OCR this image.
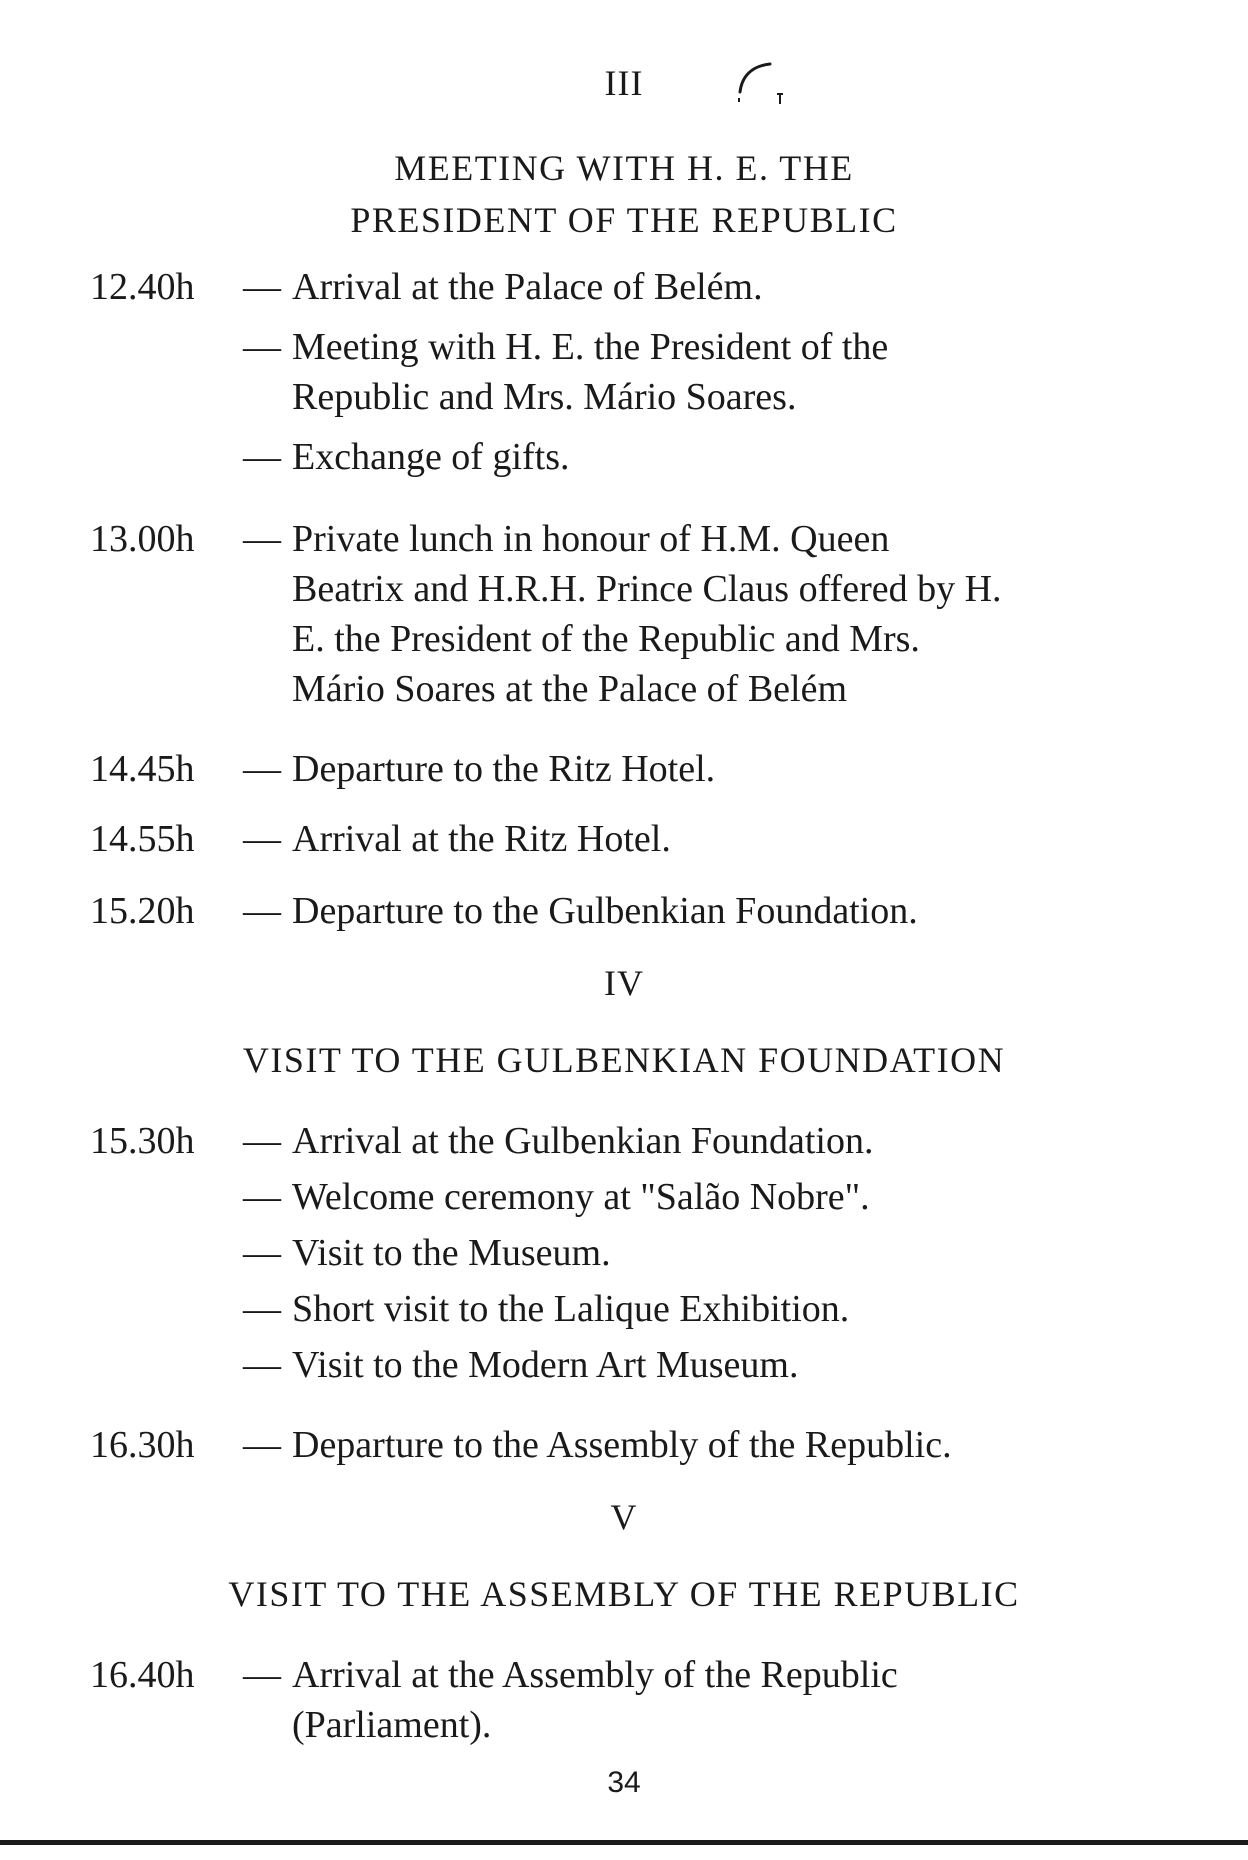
III
MEETING WITH H. E. THE
PRESIDENT OF THE REPUBLIC
12.40h	— Arrival at the Palace of Belém.
— Meeting with H. E. the President of the
Republic and Mrs. Mário Soares.
— Exchange of gifts.
13.00h	— Private lunch in honour of H.M. Queen
Beatrix and H.R.H. Prince Claus offered by H.
E. the President of the Republic and Mrs.
Mário Soares at the Palace of Belém
14.45h	— Departure to the Ritz Hotel.
14.55h	— Arrival at the Ritz Hotel.
15.20h	— Departure to the Gulbenkian Foundation.
IV
VISIT TO THE GULBENKIAN FOUNDATION
15.30h	— Arrival at the Gulbenkian Foundation.
— Welcome ceremony at "Salão Nobre".
— Visit to the Museum.
— Short visit to the Lalique Exhibition.
— Visit to the Modern Art Museum.
16.30h	— Departure to the Assembly of the Republic.
V
VISIT TO THE ASSEMBLY OF THE REPUBLIC
16.40h	— Arrival at the Assembly of the Republic
(Parliament).
34
